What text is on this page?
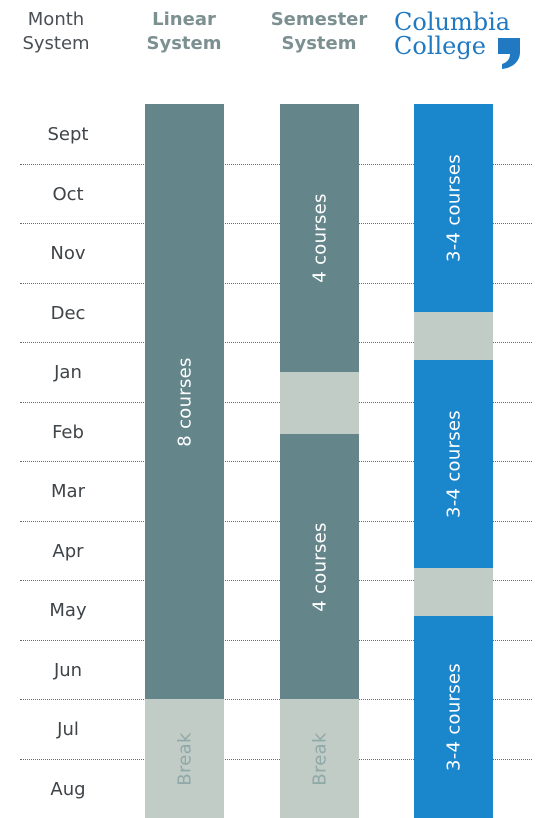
Month
System
Linear
System
Semester
System
Columbia
College
Sept
Oct
Nov
Dec
Jan
Feb
Mar
Apr
May
Jun
Jul
Aug
8 courses
Break
4 courses
4 courses
Break
3-4 courses
3-4 courses
3-4 courses
